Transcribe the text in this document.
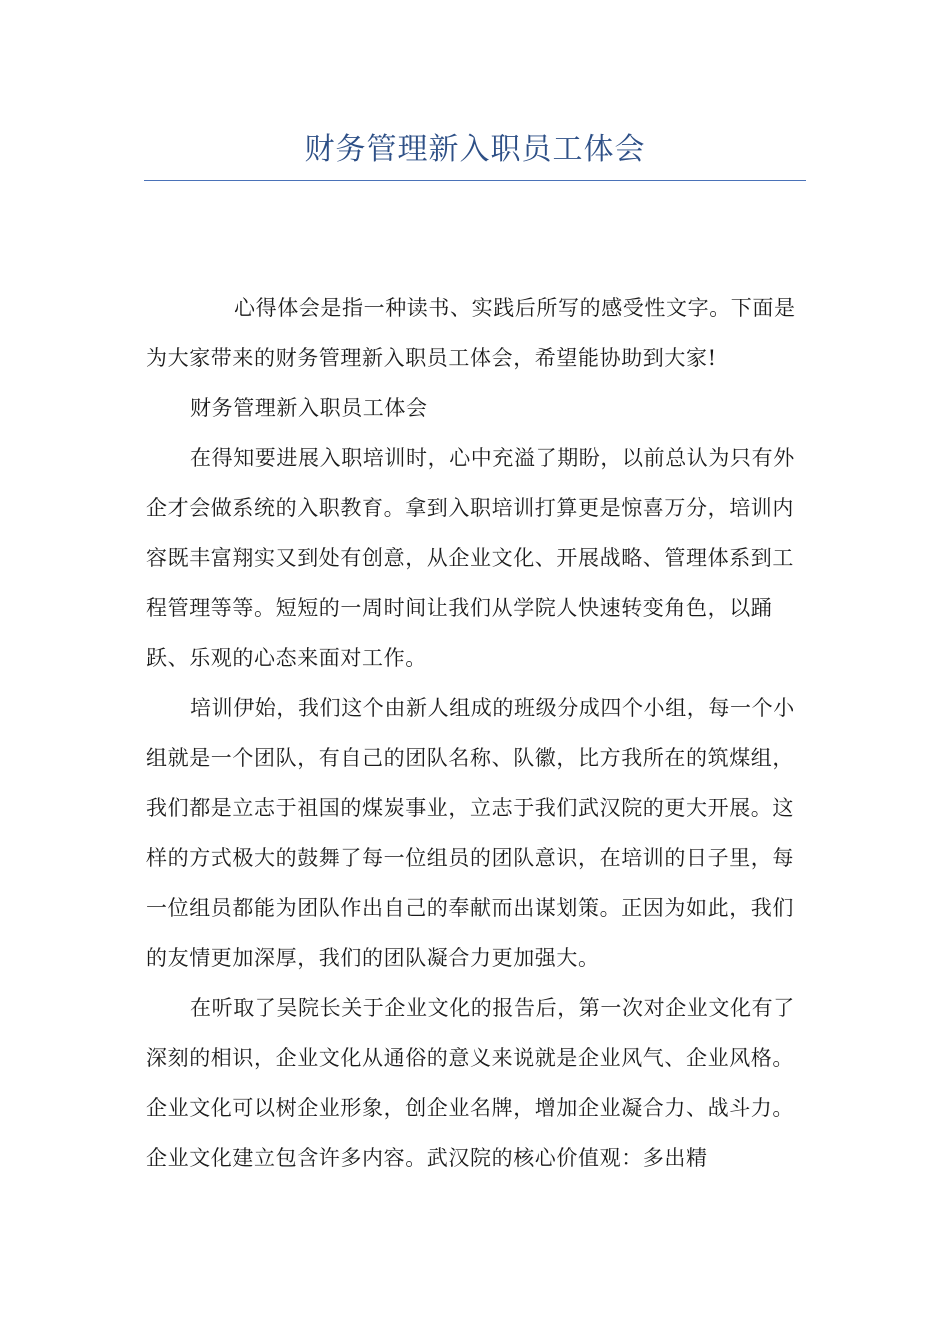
财务管理新入职员工体会

心得体会是指一种读书、实践后所写的感受性文字。下面是为大家带来的财务管理新入职员工体会，希望能协助到大家!

财务管理新入职员工体会

在得知要进展入职培训时，心中充溢了期盼，以前总认为只有外企才会做系统的入职教育。拿到入职培训打算更是惊喜万分，培训内容既丰富翔实又到处有创意，从企业文化、开展战略、管理体系到工程管理等等。短短的一周时间让我们从学院人快速转变角色，以踊跃、乐观的心态来面对工作。

培训伊始，我们这个由新人组成的班级分成四个小组，每一个小组就是一个团队，有自己的团队名称、队徽，比方我所在的筑煤组，我们都是立志于祖国的煤炭事业，立志于我们武汉院的更大开展。这样的方式极大的鼓舞了每一位组员的团队意识，在培训的日子里，每一位组员都能为团队作出自己的奉献而出谋划策。正因为如此，我们的友情更加深厚，我们的团队凝合力更加强大。

在听取了吴院长关于企业文化的报告后，第一次对企业文化有了深刻的相识，企业文化从通俗的意义来说就是企业风气、企业风格。企业文化可以树企业形象，创企业名牌，增加企业凝合力、战斗力。企业文化建立包含许多内容。武汉院的核心价值观：多出精
